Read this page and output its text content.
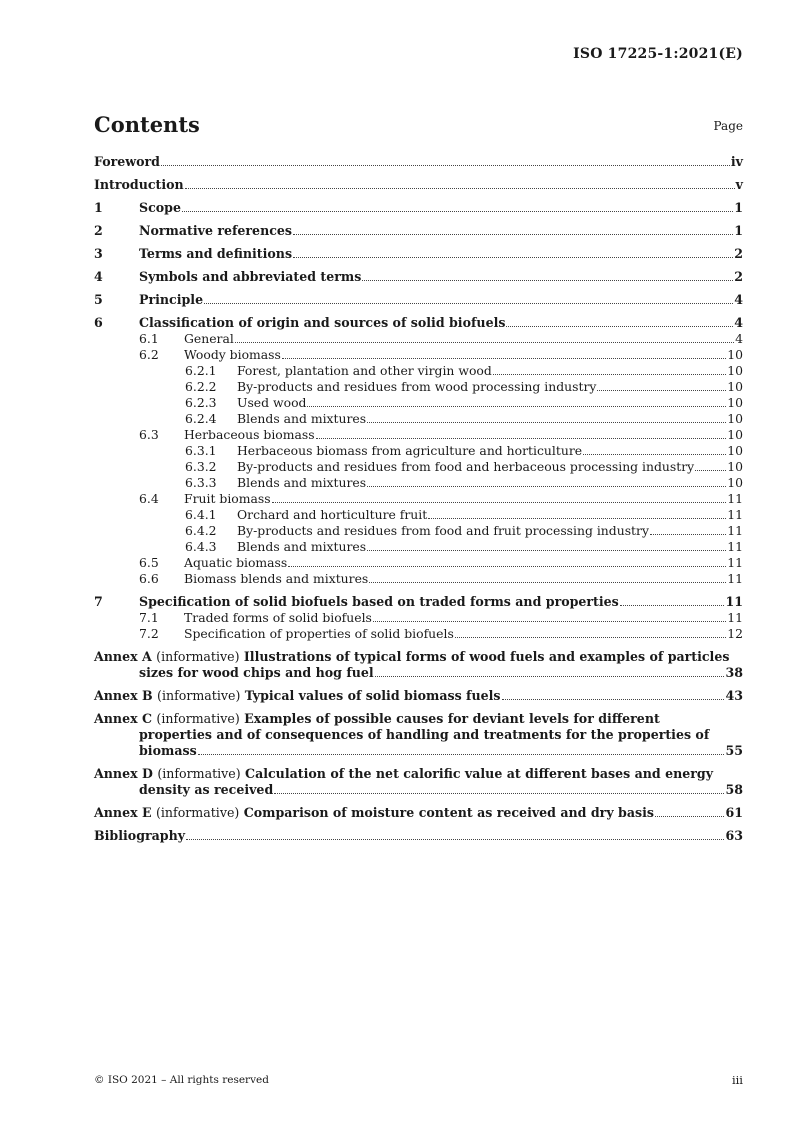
ISO 17225-1:2021(E)
Contents	Page
Foreword	iv
Introduction	v
1	Scope	1
2	Normative references	1
3	Terms and definitions	2
4	Symbols and abbreviated terms	2
5	Principle	4
6	Classification of origin and sources of solid biofuels	4
6.1	General	4
6.2	Woody biomass	10
6.2.1	Forest, plantation and other virgin wood	10
6.2.2	By-products and residues from wood processing industry	10
6.2.3	Used wood	10
6.2.4	Blends and mixtures	10
6.3	Herbaceous biomass	10
6.3.1	Herbaceous biomass from agriculture and horticulture	10
6.3.2	By-products and residues from food and herbaceous processing industry	10
6.3.3	Blends and mixtures	10
6.4	Fruit biomass	11
6.4.1	Orchard and horticulture fruit	11
6.4.2	By-products and residues from food and fruit processing industry	11
6.4.3	Blends and mixtures	11
6.5	Aquatic biomass	11
6.6	Biomass blends and mixtures	11
7	Specification of solid biofuels based on traded forms and properties	11
7.1	Traded forms of solid biofuels	11
7.2	Specification of properties of solid biofuels	12
Annex A
(informative)
Illustrations of typical forms of wood fuels and examples of particles
sizes for wood chips and hog fuel	38
Annex B
(informative)
Typical values of solid biomass fuels	43
Annex C
(informative)
Examples of possible causes for deviant levels for different
properties and of consequences of handling and treatments for the properties of
biomass	55
Annex D
(informative)
Calculation of the net calorific value at different bases and energy
density as received	58
Annex E
(informative)
Comparison of moisture content as received and dry basis	61
Bibliography	63
© ISO 2021 – All rights reserved	iii
